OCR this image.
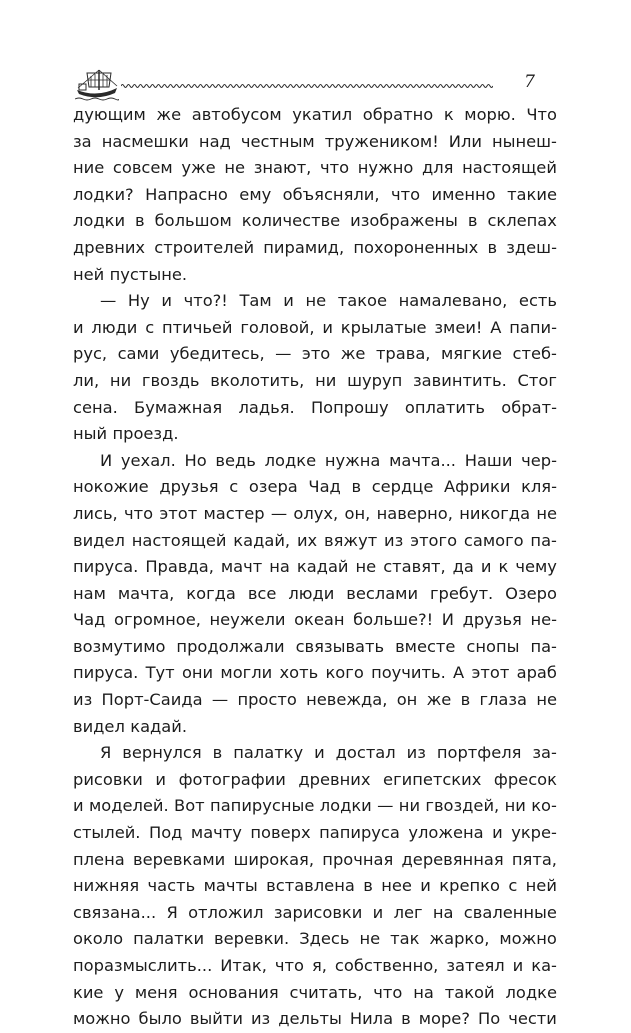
7
дующим же автобусом укатил обратно к морю. Что
за насмешки над честным тружеником! Или нынеш-
ние совсем уже не знают, что нужно для настоящей
лодки? Напрасно ему объясняли, что именно такие
лодки в большом количестве изображены в склепах
древних строителей пирамид, похороненных в здеш-
ней пустыне.
— Ну и что?! Там и не такое намалевано, есть
и люди с птичьей головой, и крылатые змеи! А папи-
рус, сами убедитесь, — это же трава, мягкие стеб-
ли, ни гвоздь вколотить, ни шуруп завинтить. Стог
сена. Бумажная ладья. Попрошу оплатить обрат-
ный проезд.
И уехал. Но ведь лодке нужна мачта... Наши чер-
нокожие друзья с озера Чад в сердце Африки кля-
лись, что этот мастер — олух, он, наверно, никогда не
видел настоящей кадай, их вяжут из этого самого па-
пируса. Правда, мачт на кадай не ставят, да и к чему
нам мачта, когда все люди веслами гребут. Озеро
Чад огромное, неужели океан больше?! И друзья не-
возмутимо продолжали связывать вместе снопы па-
пируса. Тут они могли хоть кого поучить. А этот араб
из Порт-Саида — просто невежда, он же в глаза не
видел кадай.
Я вернулся в палатку и достал из портфеля за-
рисовки и фотографии древних египетских фресок
и моделей. Вот папирусные лодки — ни гвоздей, ни ко-
стылей. Под мачту поверх папируса уложена и укре-
плена веревками широкая, прочная деревянная пята,
нижняя часть мачты вставлена в нее и крепко с ней
связана... Я отложил зарисовки и лег на сваленные
около палатки веревки. Здесь не так жарко, можно
поразмыслить... Итак, что я, собственно, затеял и ка-
кие у меня основания считать, что на такой лодке
можно было выйти из дельты Нила в море? По чести
